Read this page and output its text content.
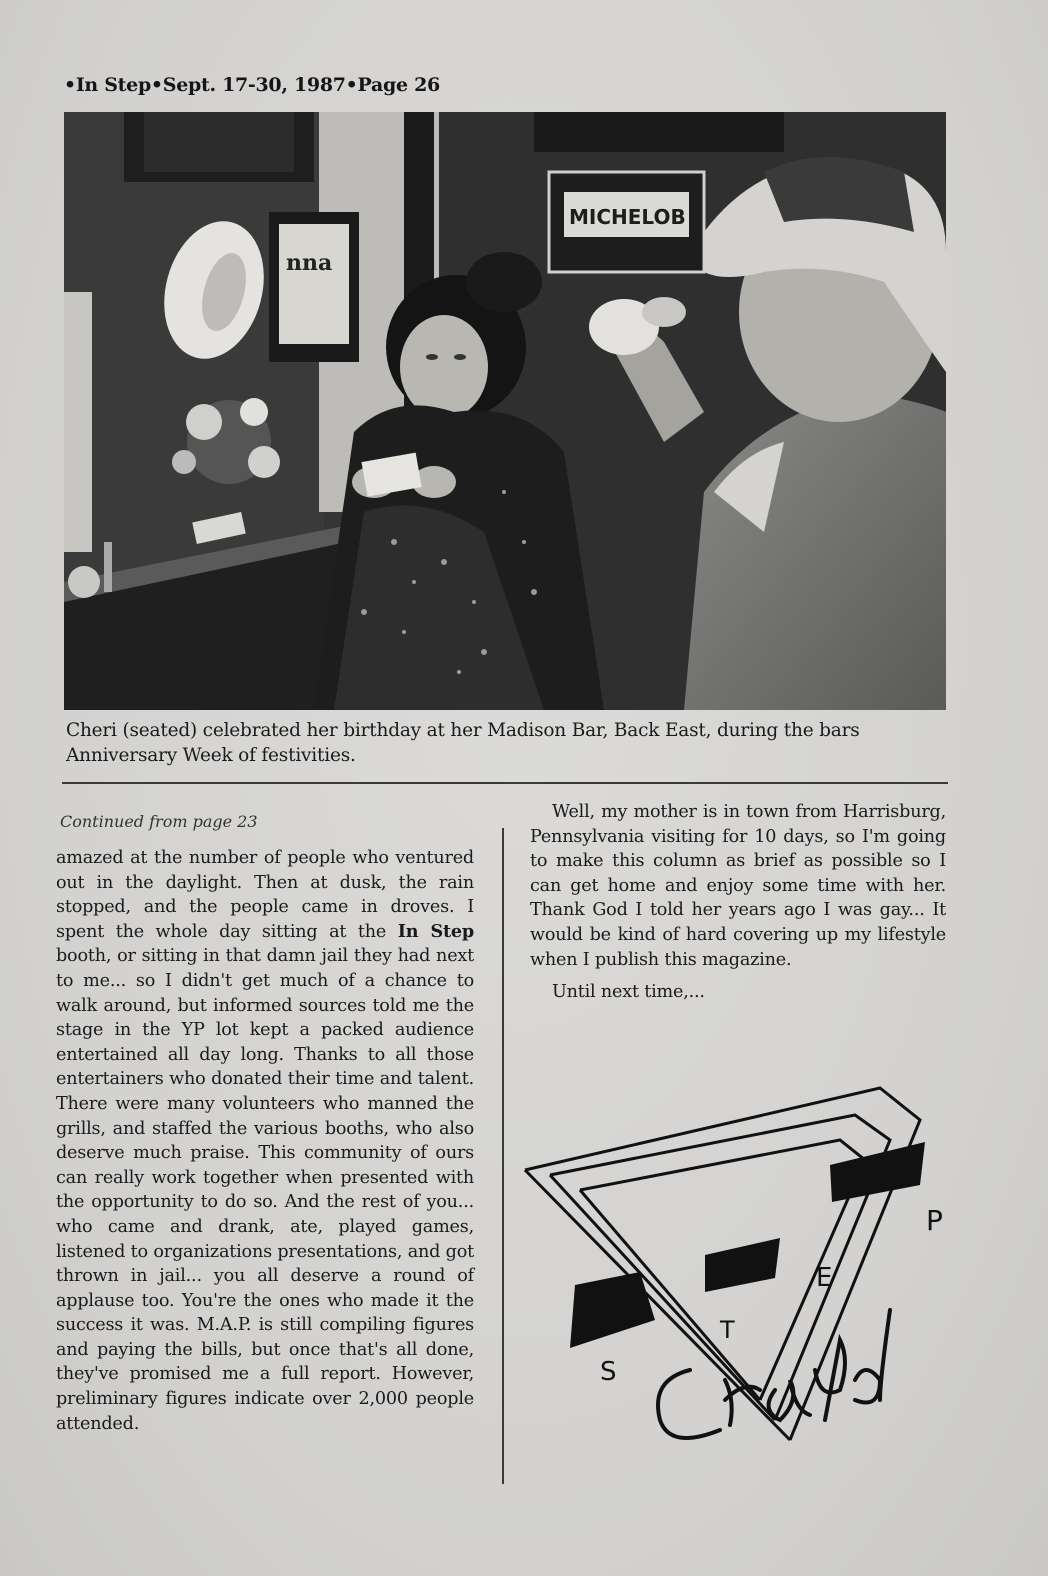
•In Step•Sept. 17-30, 1987•Page 26
nna
MICHELOB
Cheri (seated) celebrated her birthday at her Madison Bar, Back East, during the bars Anniversary Week of festivities.
Continued from page 23

amazed at the number of people who ventured out in the daylight. Then at dusk, the rain stopped, and the people came in droves. I spent the whole day sitting at the In Step booth, or sitting in that damn jail they had next to me... so I didn't get much of a chance to walk around, but informed sources told me the stage in the YP lot kept a packed audience entertained all day long. Thanks to all those entertainers who donated their time and talent. There were many volunteers who manned the grills, and staffed the various booths, who also deserve much praise. This community of ours can really work together when presented with the opportunity to do so. And the rest of you... who came and drank, ate, played games, listened to organizations presentations, and got thrown in jail... you all deserve a round of applause too. You're the ones who made it the success it was. M.A.P. is still compiling figures and paying the bills, but once that's all done, they've promised me a full report. However, preliminary figures indicate over 2,000 people attended.

Well, my mother is in town from Harrisburg, Pennsylvania visiting for 10 days, so I'm going to make this column as brief as possible so I can get home and enjoy some time with her. Thank God I told her years ago I was gay... It would be kind of hard covering up my lifestyle when I publish this magazine.

Until next time,...

S
T
E
P
